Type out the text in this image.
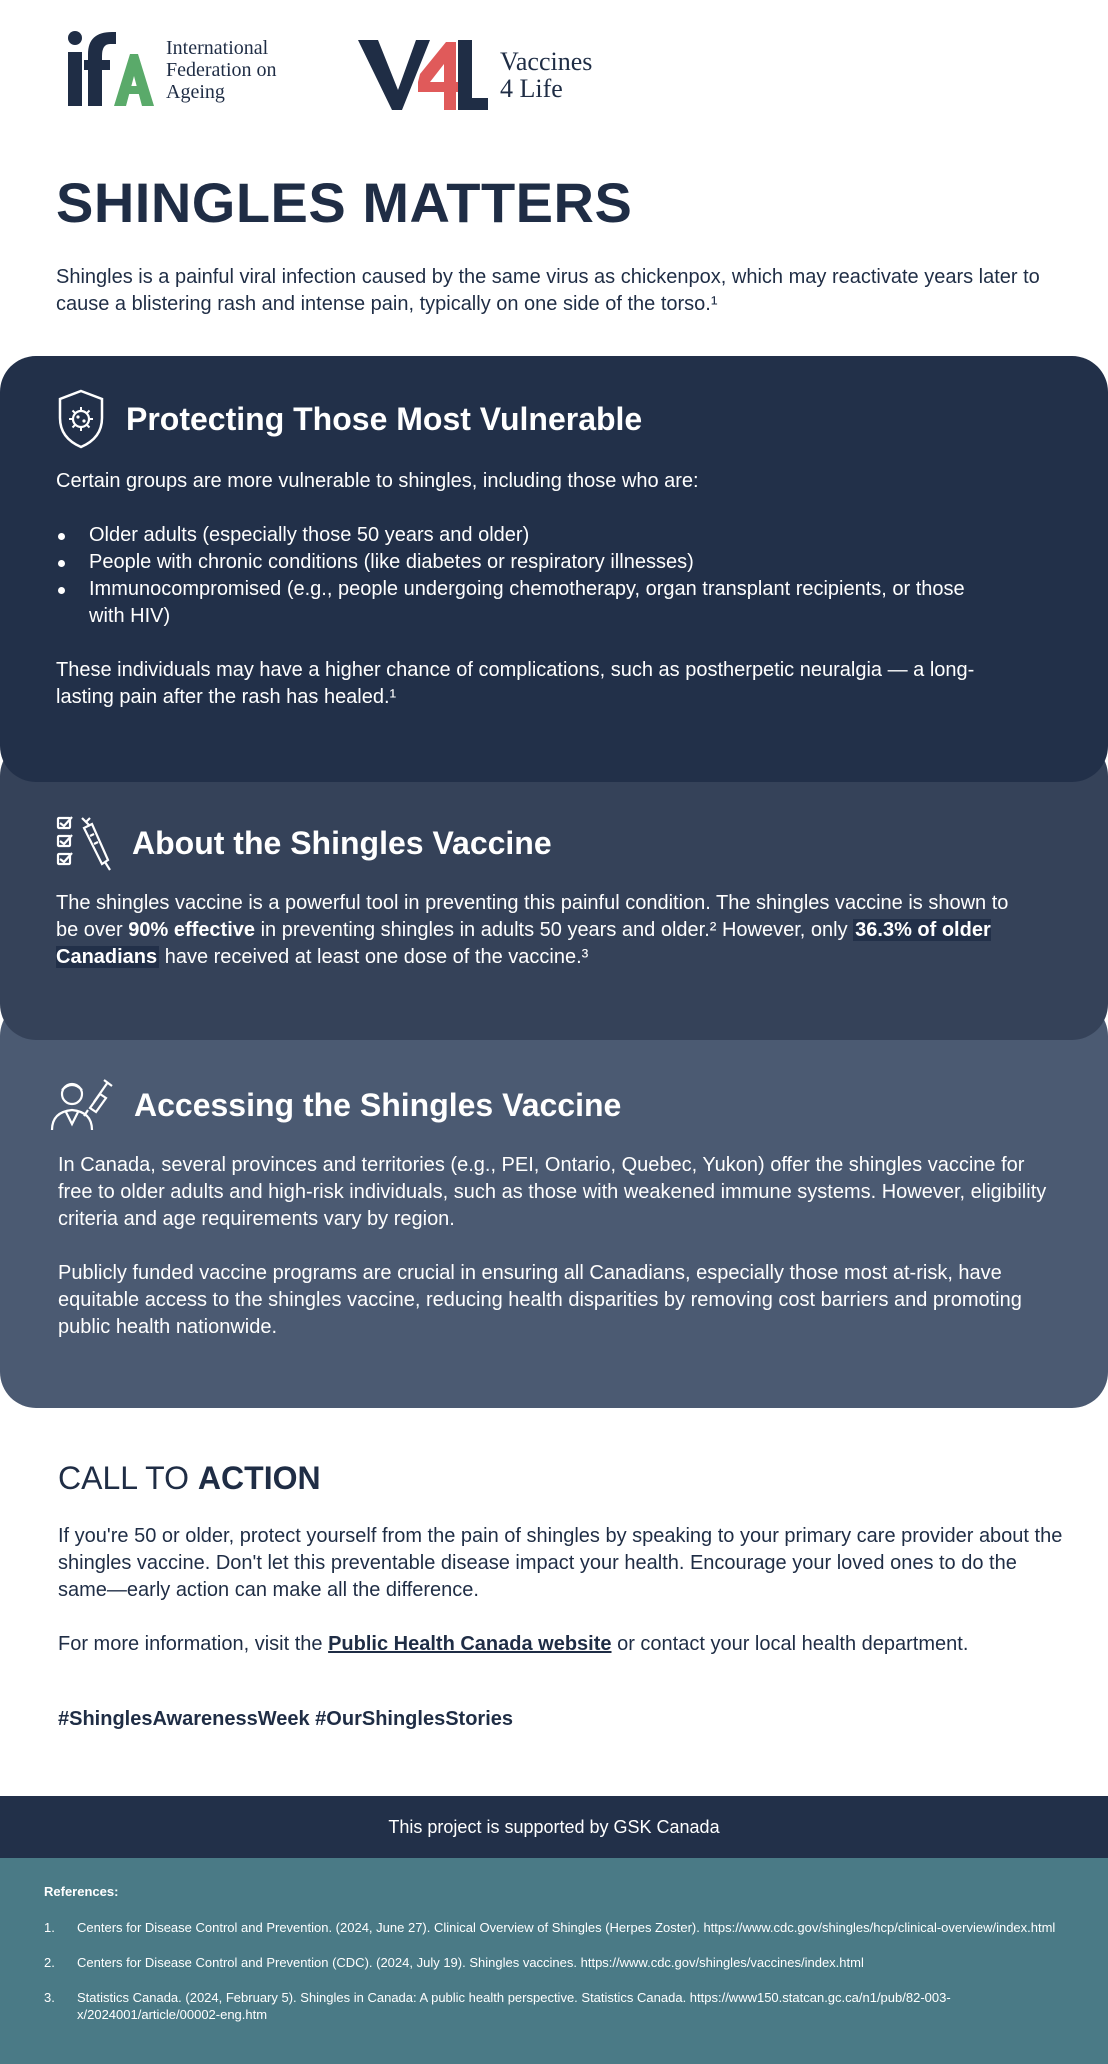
International
Federation on
Ageing
Vaccines
4 Life
SHINGLES MATTERS

Shingles is a painful viral infection caused by the same virus as chickenpox, which may reactivate years later to cause a blistering rash and intense pain, typically on one side of the torso.¹

Protecting Those Most Vulnerable

Certain groups are more vulnerable to shingles, including those who are:

Older adults (especially those 50 years and older)
People with chronic conditions (like diabetes or respiratory illnesses)
Immunocompromised (e.g., people undergoing chemotherapy, organ transplant recipients, or those with HIV)

These individuals may have a higher chance of complications, such as postherpetic neuralgia — a long-lasting pain after the rash has healed.¹

About the Shingles Vaccine

The shingles vaccine is a powerful tool in preventing this painful condition. The shingles vaccine is shown to be over 90% effective in preventing shingles in adults 50 years and older.² However, only 36.3% of older Canadians have received at least one dose of the vaccine.³

Accessing the Shingles Vaccine

In Canada, several provinces and territories (e.g., PEI, Ontario, Quebec, Yukon) offer the shingles vaccine for free to older adults and high-risk individuals, such as those with weakened immune systems. However, eligibility criteria and age requirements vary by region.

Publicly funded vaccine programs are crucial in ensuring all Canadians, especially those most at-risk, have equitable access to the shingles vaccine, reducing health disparities by removing cost barriers and promoting public health nationwide.

CALL TO ACTION

If you're 50 or older, protect yourself from the pain of shingles by speaking to your primary care provider about the shingles vaccine. Don't let this preventable disease impact your health. Encourage your loved ones to do the same—early action can make all the difference.

For more information, visit the Public Health Canada website or contact your local health department.

#ShinglesAwarenessWeek #OurShinglesStories
This project is supported by GSK Canada
References:
1. Centers for Disease Control and Prevention. (2024, June 27). Clinical Overview of Shingles (Herpes Zoster). https://www.cdc.gov/shingles/hcp/clinical-overview/index.html
2. Centers for Disease Control and Prevention (CDC). (2024, July 19). Shingles vaccines. https://www.cdc.gov/shingles/vaccines/index.html
3. Statistics Canada. (2024, February 5). Shingles in Canada: A public health perspective. Statistics Canada. https://www150.statcan.gc.ca/n1/pub/82-003-x/2024001/article/00002-eng.htm
